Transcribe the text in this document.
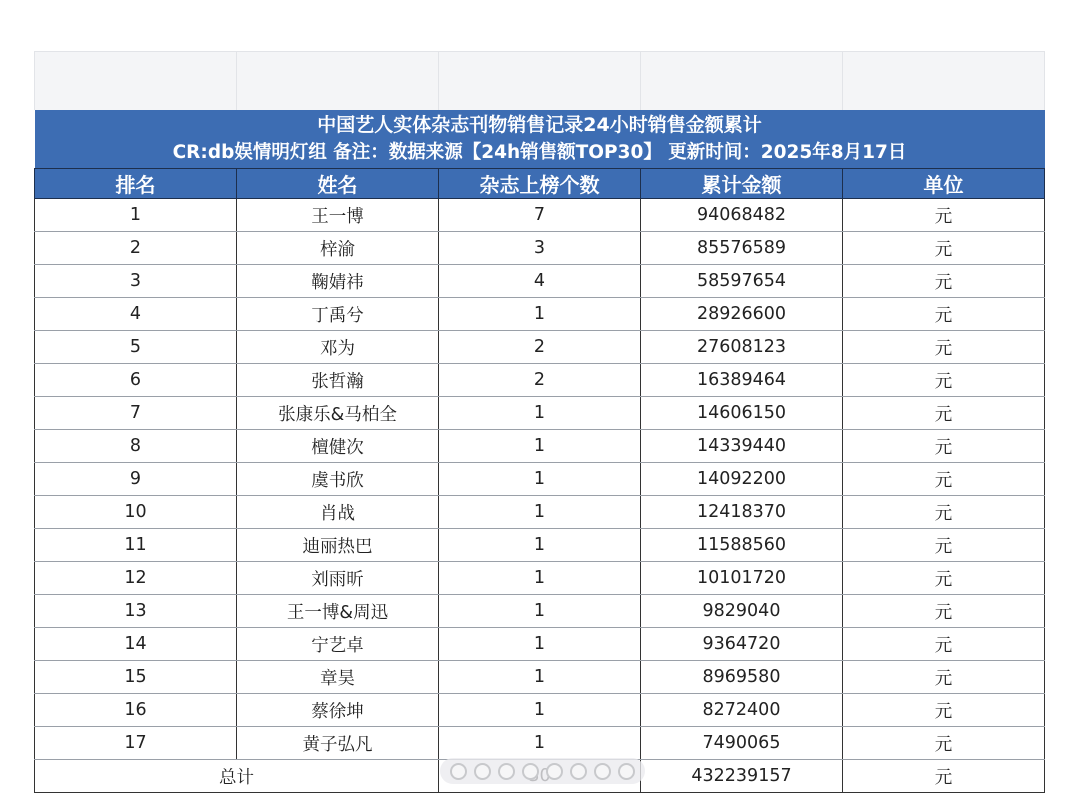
中国艺人实体杂志刊物销售记录24小时销售金额累计
CR:db娱情明灯组 备注：数据来源【24h销售额TOP30】 更新时间：2025年8月17日				

排名	姓名	杂志上榜个数	累计金额	单位
1	王一博	7	94068482	元
2	梓渝	3	85576589	元
3	鞠婧祎	4	58597654	元
4	丁禹兮	1	28926600	元
5	邓为	2	27608123	元
6	张哲瀚	2	16389464	元
7	张康乐&马柏全	1	14606150	元
8	檀健次	1	14339440	元
9	虞书欣	1	14092200	元
10	肖战	1	12418370	元
11	迪丽热巴	1	11588560	元
12	刘雨昕	1	10101720	元
13	王一博&周迅	1	9829040	元
14	宁艺卓	1	9364720	元
15	章昊	1	8969580	元
16	蔡徐坤	1	8272400	元
17	黄子弘凡	1	7490065	元
总计			432239157	元
